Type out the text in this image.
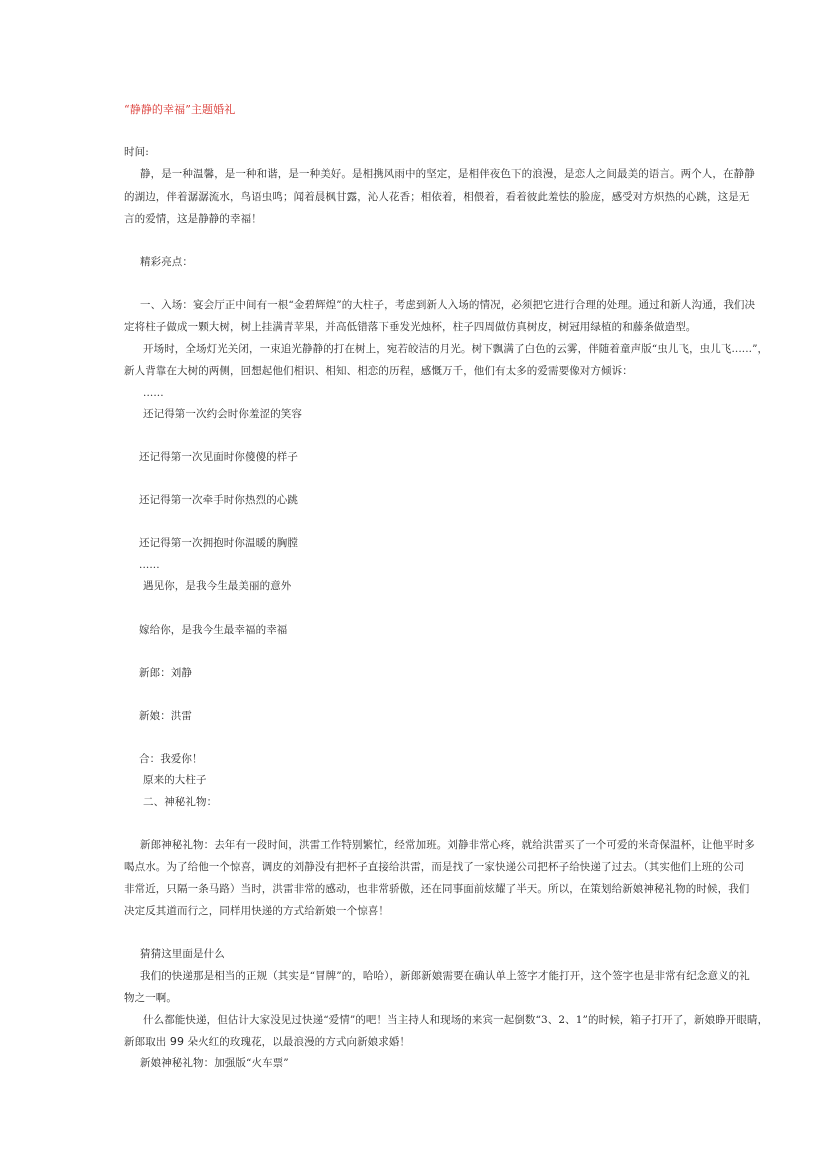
“静静的幸福”主题婚礼
时间:
静，是一种温馨，是一种和谐，是一种美好。是相携风雨中的坚定，是相伴夜色下的浪漫，是恋人之间最美的语言。两个人，在静静
的湖边，伴着潺潺流水，鸟语虫鸣；闻着晨枫甘露，沁人花香；相依着，相偎着，看着彼此羞怯的脸庞，感受对方炽热的心跳，这是无
言的爱情，这是静静的幸福！
精彩亮点：
一、入场：宴会厅正中间有一根“金碧辉煌”的大柱子，考虑到新人入场的情况，必须把它进行合理的处理。通过和新人沟通，我们决
定将柱子做成一颗大树，树上挂满青苹果，并高低错落下垂发光烛杯，柱子四周做仿真树皮，树冠用绿植的和藤条做造型。
开场时，全场灯光关闭，一束追光静静的打在树上，宛若皎洁的月光。树下飘满了白色的云雾，伴随着童声版“虫儿飞，虫儿飞......”，
新人背靠在大树的两侧，回想起他们相识、相知、相恋的历程，感慨万千，他们有太多的爱需要像对方倾诉：
......
还记得第一次约会时你羞涩的笑容
还记得第一次见面时你傻傻的样子
还记得第一次牵手时你热烈的心跳
还记得第一次拥抱时你温暖的胸膛
......
遇见你，是我今生最美丽的意外
嫁给你，是我今生最幸福的幸福
新郎：刘静
新娘：洪雷
合：我爱你！
原来的大柱子
二、神秘礼物：
新郎神秘礼物：去年有一段时间，洪雷工作特别繁忙，经常加班。刘静非常心疼，就给洪雷买了一个可爱的米奇保温杯，让他平时多
喝点水。为了给他一个惊喜，调皮的刘静没有把杯子直接给洪雷，而是找了一家快递公司把杯子给快递了过去。（其实他们上班的公司
非常近，只隔一条马路）当时，洪雷非常的感动，也非常骄傲，还在同事面前炫耀了半天。所以，在策划给新娘神秘礼物的时候，我们
决定反其道而行之，同样用快递的方式给新娘一个惊喜！
猜猜这里面是什么
我们的快递那是相当的正规（其实是“冒牌”的，哈哈），新郎新娘需要在确认单上签字才能打开，这个签字也是非常有纪念意义的礼
物之一啊。
什么都能快递，但估计大家没见过快递“爱情”的吧！当主持人和现场的来宾一起倒数“3、2、1”的时候，箱子打开了，新娘睁开眼睛，
新郎取出 99 朵火红的玫瑰花，以最浪漫的方式向新娘求婚！
新娘神秘礼物：加强版“火车票”
